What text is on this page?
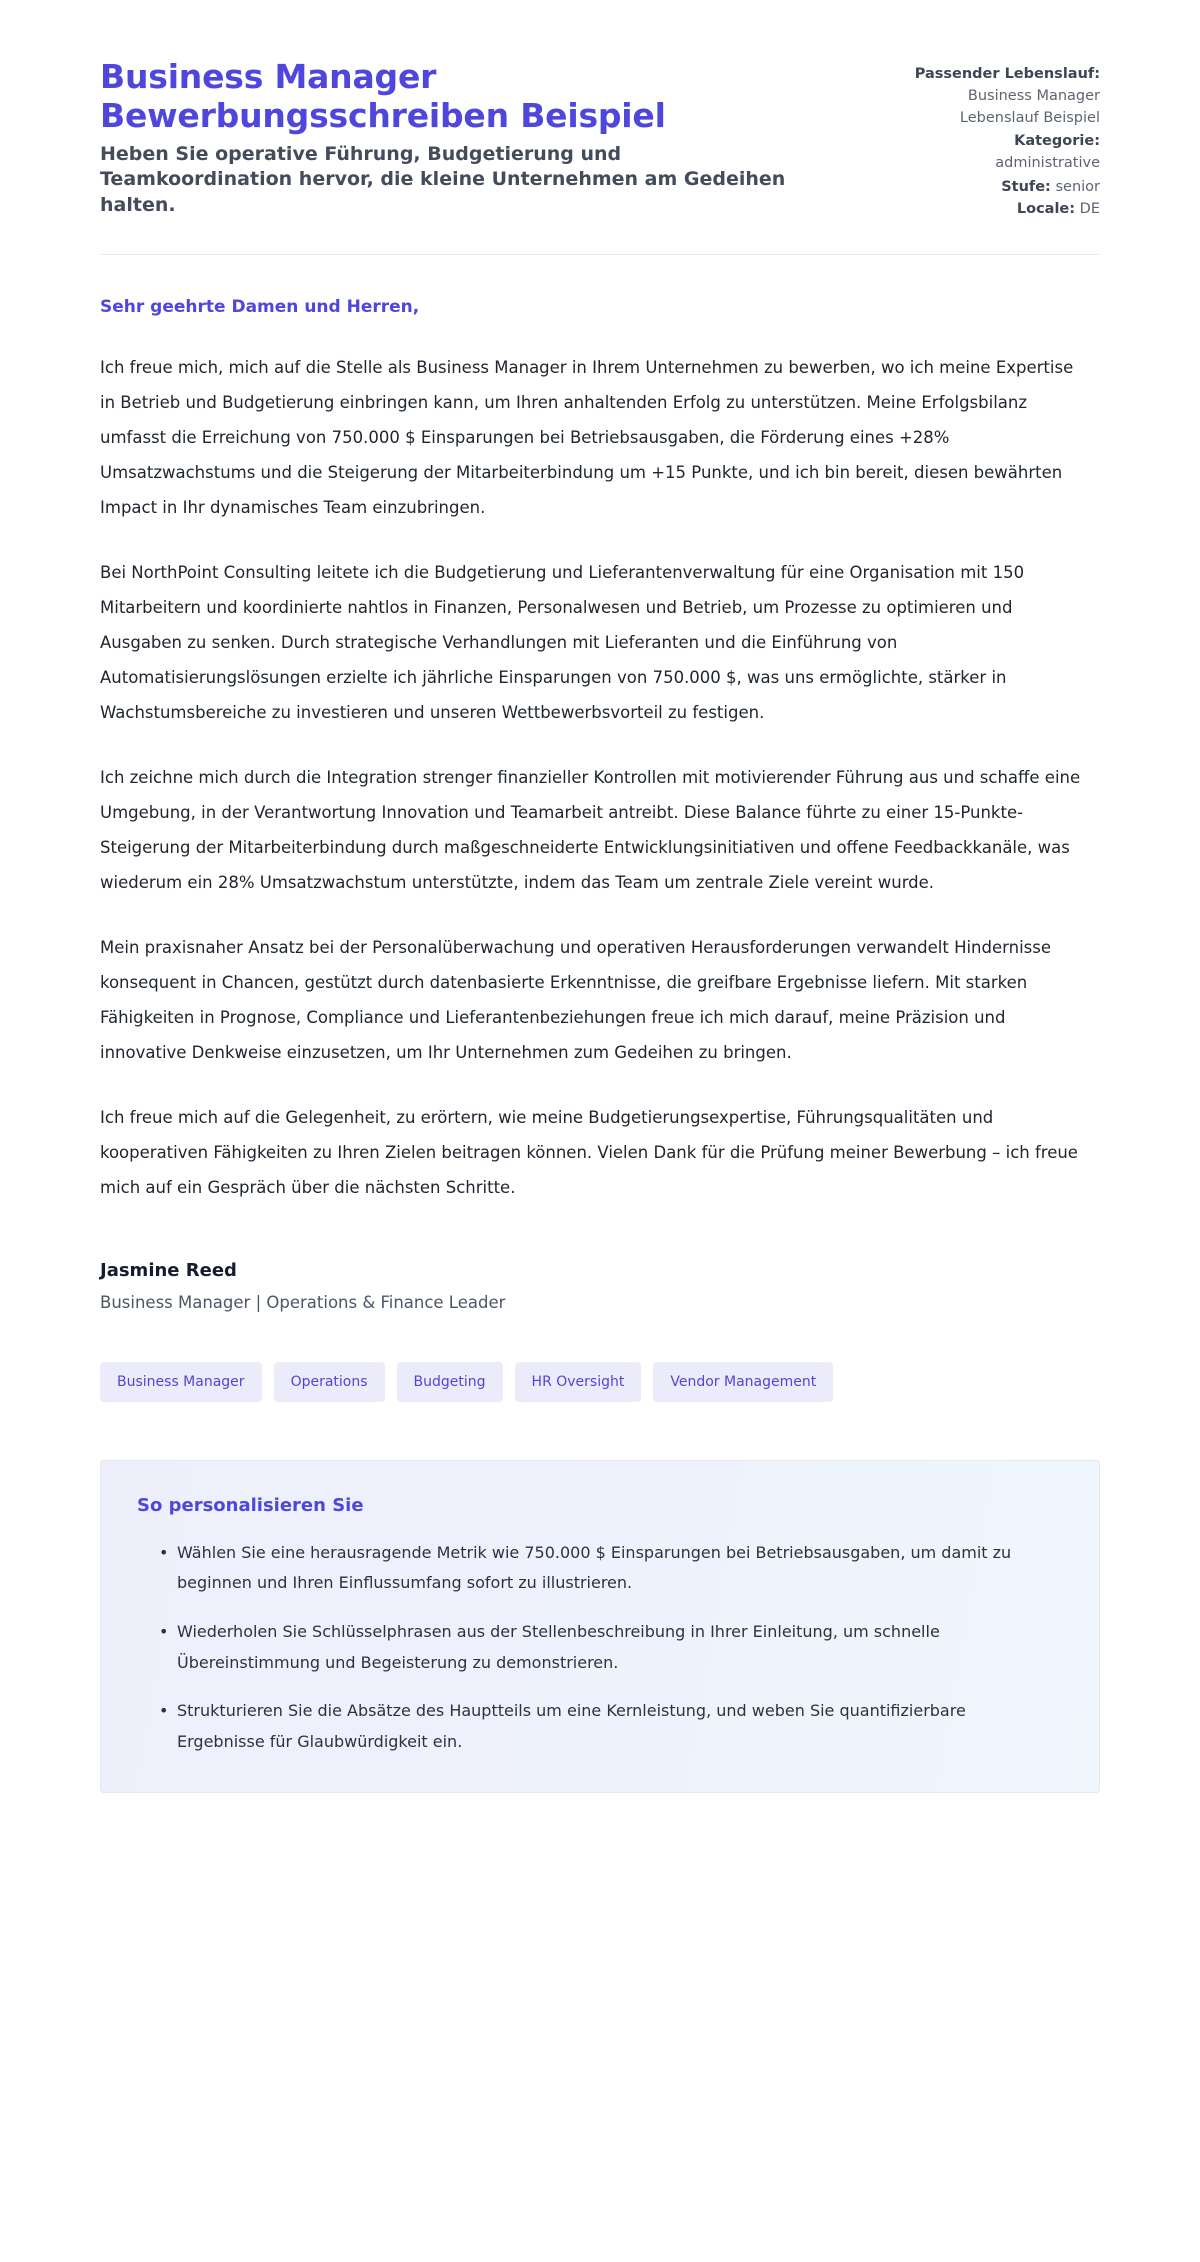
Business Manager
Bewerbungsschreiben Beispiel

Heben Sie operative Führung, Budgetierung und Teamkoordination hervor, die kleine Unternehmen am Gedeihen halten.

Passender Lebenslauf:
Business Manager
Lebenslauf Beispiel
Kategorie:
administrative
Stufe: senior
Locale: DE

Sehr geehrte Damen und Herren,

Ich freue mich, mich auf die Stelle als Business Manager in Ihrem Unternehmen zu bewerben, wo ich meine Expertise in Betrieb und Budgetierung einbringen kann, um Ihren anhaltenden Erfolg zu unterstützen. Meine Erfolgsbilanz umfasst die Erreichung von 750.000 $ Einsparungen bei Betriebsausgaben, die Förderung eines +28% Umsatzwachstums und die Steigerung der Mitarbeiterbindung um +15 Punkte, und ich bin bereit, diesen bewährten Impact in Ihr dynamisches Team einzubringen.

Bei NorthPoint Consulting leitete ich die Budgetierung und Lieferantenverwaltung für eine Organisation mit 150 Mitarbeitern und koordinierte nahtlos in Finanzen, Personalwesen und Betrieb, um Prozesse zu optimieren und Ausgaben zu senken. Durch strategische Verhandlungen mit Lieferanten und die Einführung von Automatisierungslösungen erzielte ich jährliche Einsparungen von 750.000 $, was uns ermöglichte, stärker in Wachstumsbereiche zu investieren und unseren Wettbewerbsvorteil zu festigen.

Ich zeichne mich durch die Integration strenger finanzieller Kontrollen mit motivierender Führung aus und schaffe eine Umgebung, in der Verantwortung Innovation und Teamarbeit antreibt. Diese Balance führte zu einer 15-Punkte-Steigerung der Mitarbeiterbindung durch maßgeschneiderte Entwicklungsinitiativen und offene Feedbackkanäle, was wiederum ein 28% Umsatzwachstum unterstützte, indem das Team um zentrale Ziele vereint wurde.

Mein praxisnaher Ansatz bei der Personalüberwachung und operativen Herausforderungen verwandelt Hindernisse konsequent in Chancen, gestützt durch datenbasierte Erkenntnisse, die greifbare Ergebnisse liefern. Mit starken Fähigkeiten in Prognose, Compliance und Lieferantenbeziehungen freue ich mich darauf, meine Präzision und innovative Denkweise einzusetzen, um Ihr Unternehmen zum Gedeihen zu bringen.

Ich freue mich auf die Gelegenheit, zu erörtern, wie meine Budgetierungsexpertise, Führungsqualitäten und kooperativen Fähigkeiten zu Ihren Zielen beitragen können. Vielen Dank für die Prüfung meiner Bewerbung – ich freue mich auf ein Gespräch über die nächsten Schritte.

Jasmine Reed

Business Manager | Operations & Finance Leader

Business Manager	Operations	Budgeting	HR Oversight	Vendor Management
So personalisieren Sie
• Wählen Sie eine herausragende Metrik wie 750.000 $ Einsparungen bei Betriebsausgaben, um damit zu beginnen und Ihren Einflussumfang sofort zu illustrieren.
• Wiederholen Sie Schlüsselphrasen aus der Stellenbeschreibung in Ihrer Einleitung, um schnelle Übereinstimmung und Begeisterung zu demonstrieren.
• Strukturieren Sie die Absätze des Hauptteils um eine Kernleistung, und weben Sie quantifizierbare Ergebnisse für Glaubwürdigkeit ein.
